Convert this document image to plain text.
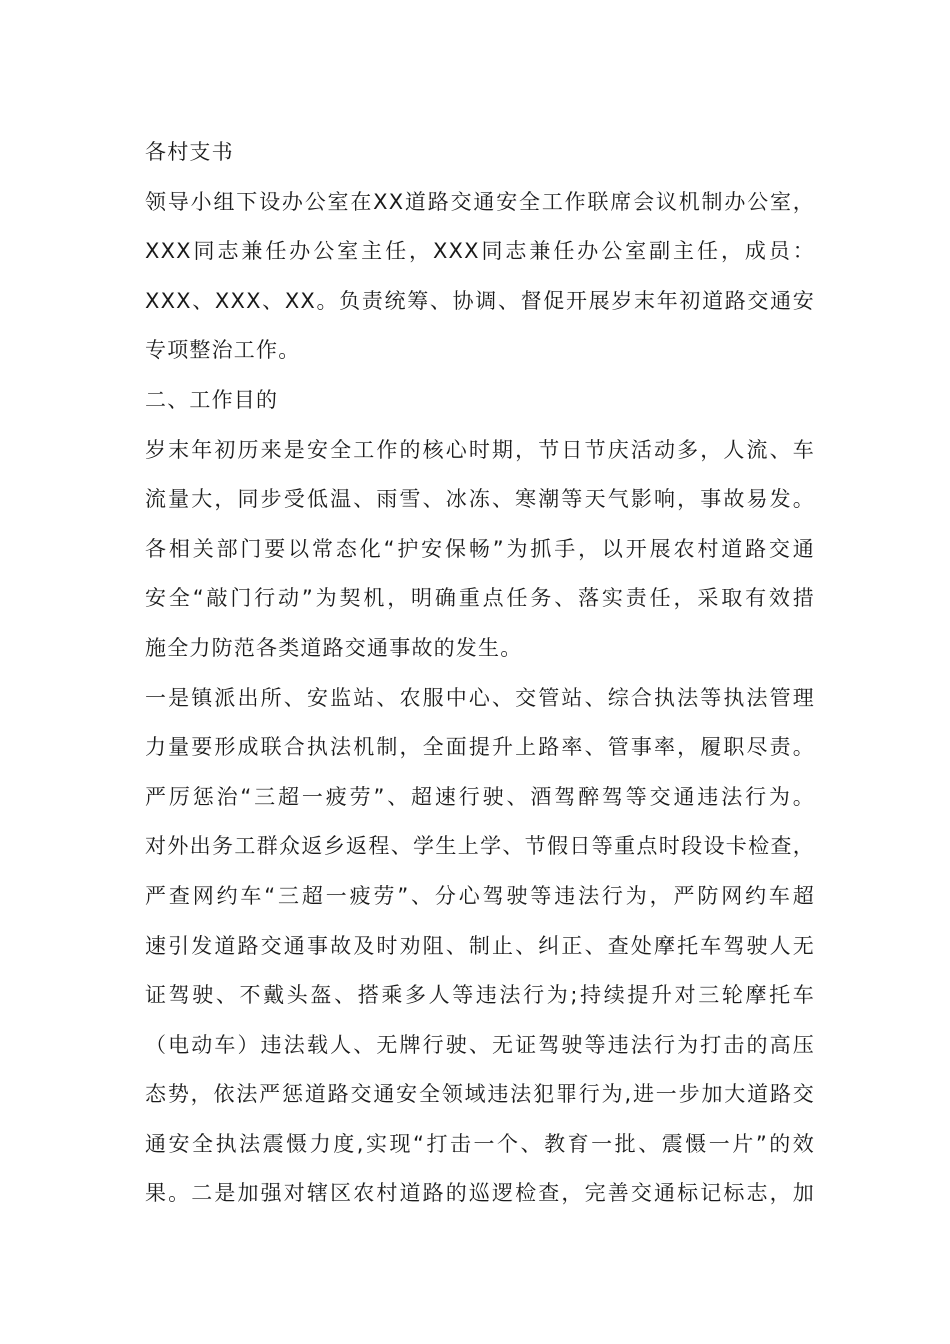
各村支书
领导小组下设办公室在XX道路交通安全工作联席会议机制办公室，
XXX同志兼任办公室主任，XXX同志兼任办公室副主任，成员：
XXX、XXX、XX。负责统筹、协调、督促开展岁末年初道路交通安
专项整治工作。
二、工作目的
岁末年初历来是安全工作的核心时期，节日节庆活动多，人流、车
流量大，同步受低温、雨雪、冰冻、寒潮等天气影响，事故易发。
各相关部门要以常态化“护安保畅”为抓手，以开展农村道路交通
安全“敲门行动”为契机，明确重点任务、落实责任，采取有效措
施全力防范各类道路交通事故的发生。
一是镇派出所、安监站、农服中心、交管站、综合执法等执法管理
力量要形成联合执法机制，全面提升上路率、管事率，履职尽责。
严厉惩治“三超一疲劳”、超速行驶、酒驾醉驾等交通违法行为。
对外出务工群众返乡返程、学生上学、节假日等重点时段设卡检查，
严查网约车“三超一疲劳”、分心驾驶等违法行为，严防网约车超
速引发道路交通事故及时劝阻、制止、纠正、查处摩托车驾驶人无
证驾驶、不戴头盔、搭乘多人等违法行为;持续提升对三轮摩托车
（电动车）违法载人、无牌行驶、无证驾驶等违法行为打击的高压
态势，依法严惩道路交通安全领域违法犯罪行为,进一步加大道路交
通安全执法震慑力度,实现“打击一个、教育一批、震慑一片”的效
果。二是加强对辖区农村道路的巡逻检查，完善交通标记标志，加
